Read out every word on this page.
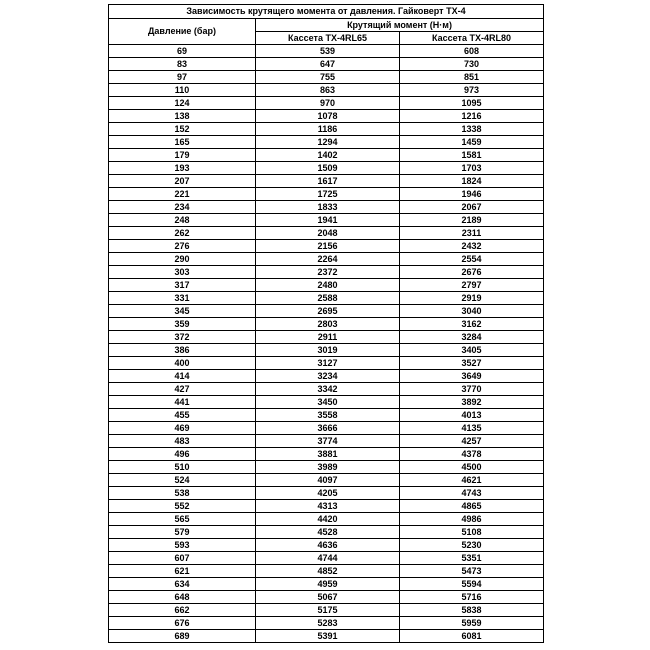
Зависимость крутящего момента от давления. Гайковерт TX-4		
Давление (бар)	Крутящий момент (Н·м)	
	Кассета TX-4RL65	Кассета TX-4RL80
69	539	608
83	647	730
97	755	851
110	863	973
124	970	1095
138	1078	1216
152	1186	1338
165	1294	1459
179	1402	1581
193	1509	1703
207	1617	1824
221	1725	1946
234	1833	2067
248	1941	2189
262	2048	2311
276	2156	2432
290	2264	2554
303	2372	2676
317	2480	2797
331	2588	2919
345	2695	3040
359	2803	3162
372	2911	3284
386	3019	3405
400	3127	3527
414	3234	3649
427	3342	3770
441	3450	3892
455	3558	4013
469	3666	4135
483	3774	4257
496	3881	4378
510	3989	4500
524	4097	4621
538	4205	4743
552	4313	4865
565	4420	4986
579	4528	5108
593	4636	5230
607	4744	5351
621	4852	5473
634	4959	5594
648	5067	5716
662	5175	5838
676	5283	5959
689	5391	6081
